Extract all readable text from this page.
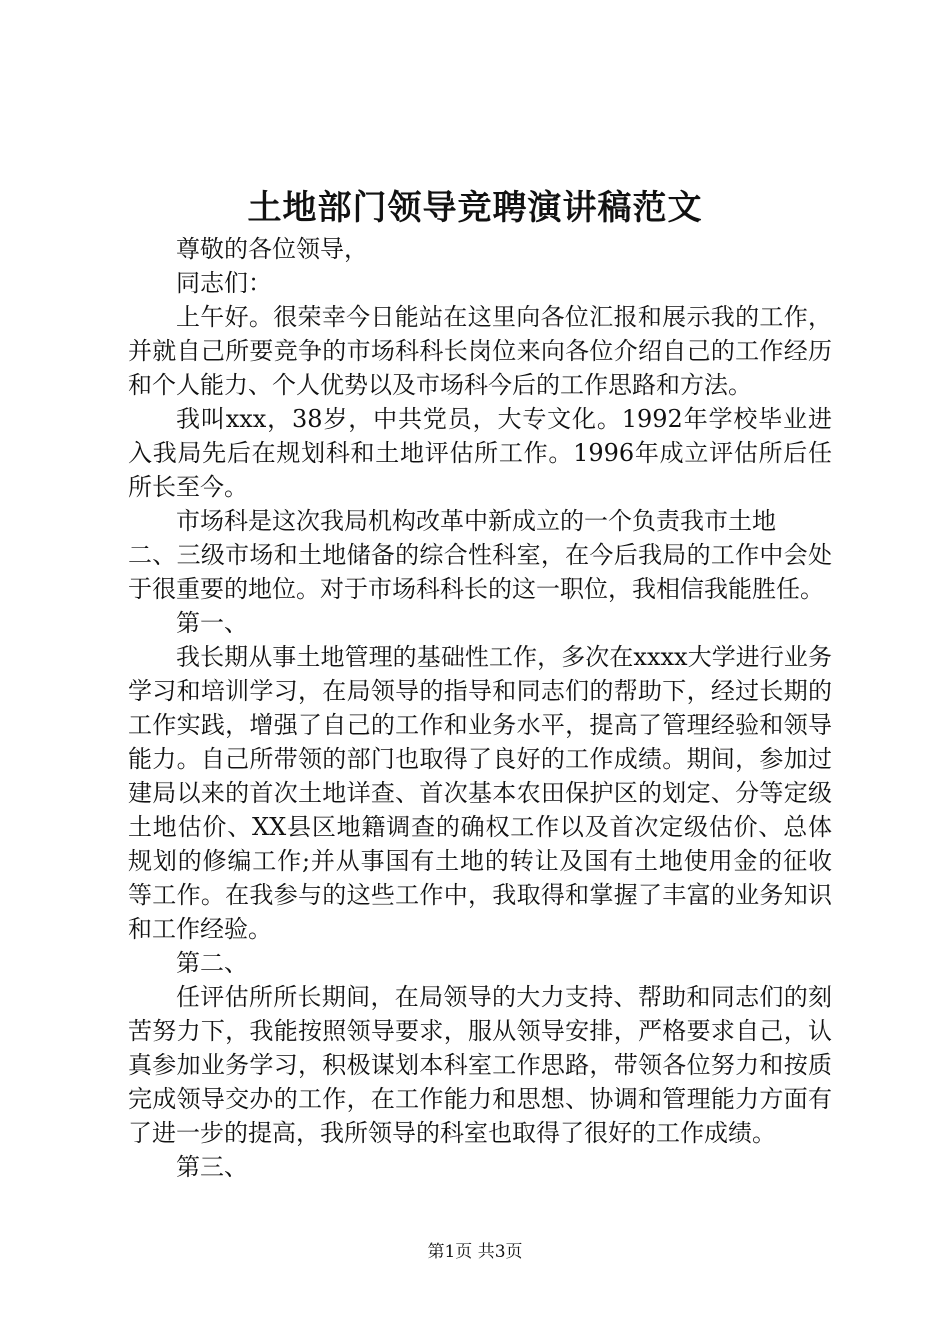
土地部门领导竞聘演讲稿范文

尊敬的各位领导，

同志们：

上午好。很荣幸今日能站在这里向各位汇报和展示我的工作，并就自己所要竞争的市场科科长岗位来向各位介绍自己的工作经历和个人能力、个人优势以及市场科今后的工作思路和方法。

我叫xxx，38岁，中共党员，大专文化。1992年学校毕业进入我局先后在规划科和土地评估所工作。1996年成立评估所后任所长至今。

市场科是这次我局机构改革中新成立的一个负责我市土地

二、三级市场和土地储备的综合性科室，在今后我局的工作中会处于很重要的地位。对于市场科科长的这一职位，我相信我能胜任。

第一、

我长期从事土地管理的基础性工作，多次在xxxx大学进行业务学习和培训学习，在局领导的指导和同志们的帮助下，经过长期的工作实践，增强了自己的工作和业务水平，提高了管理经验和领导能力。自己所带领的部门也取得了良好的工作成绩。期间，参加过建局以来的首次土地详查、首次基本农田保护区的划定、分等定级土地估价、XX县区地籍调查的确权工作以及首次定级估价、总体规划的修编工作;并从事国有土地的转让及国有土地使用金的征收等工作。在我参与的这些工作中，我取得和掌握了丰富的业务知识和工作经验。

第二、

任评估所所长期间，在局领导的大力支持、帮助和同志们的刻苦努力下，我能按照领导要求，服从领导安排，严格要求自己，认真参加业务学习，积极谋划本科室工作思路，带领各位努力和按质完成领导交办的工作，在工作能力和思想、协调和管理能力方面有了进一步的提高，我所领导的科室也取得了很好的工作成绩。

第三、

第1页 共3页
